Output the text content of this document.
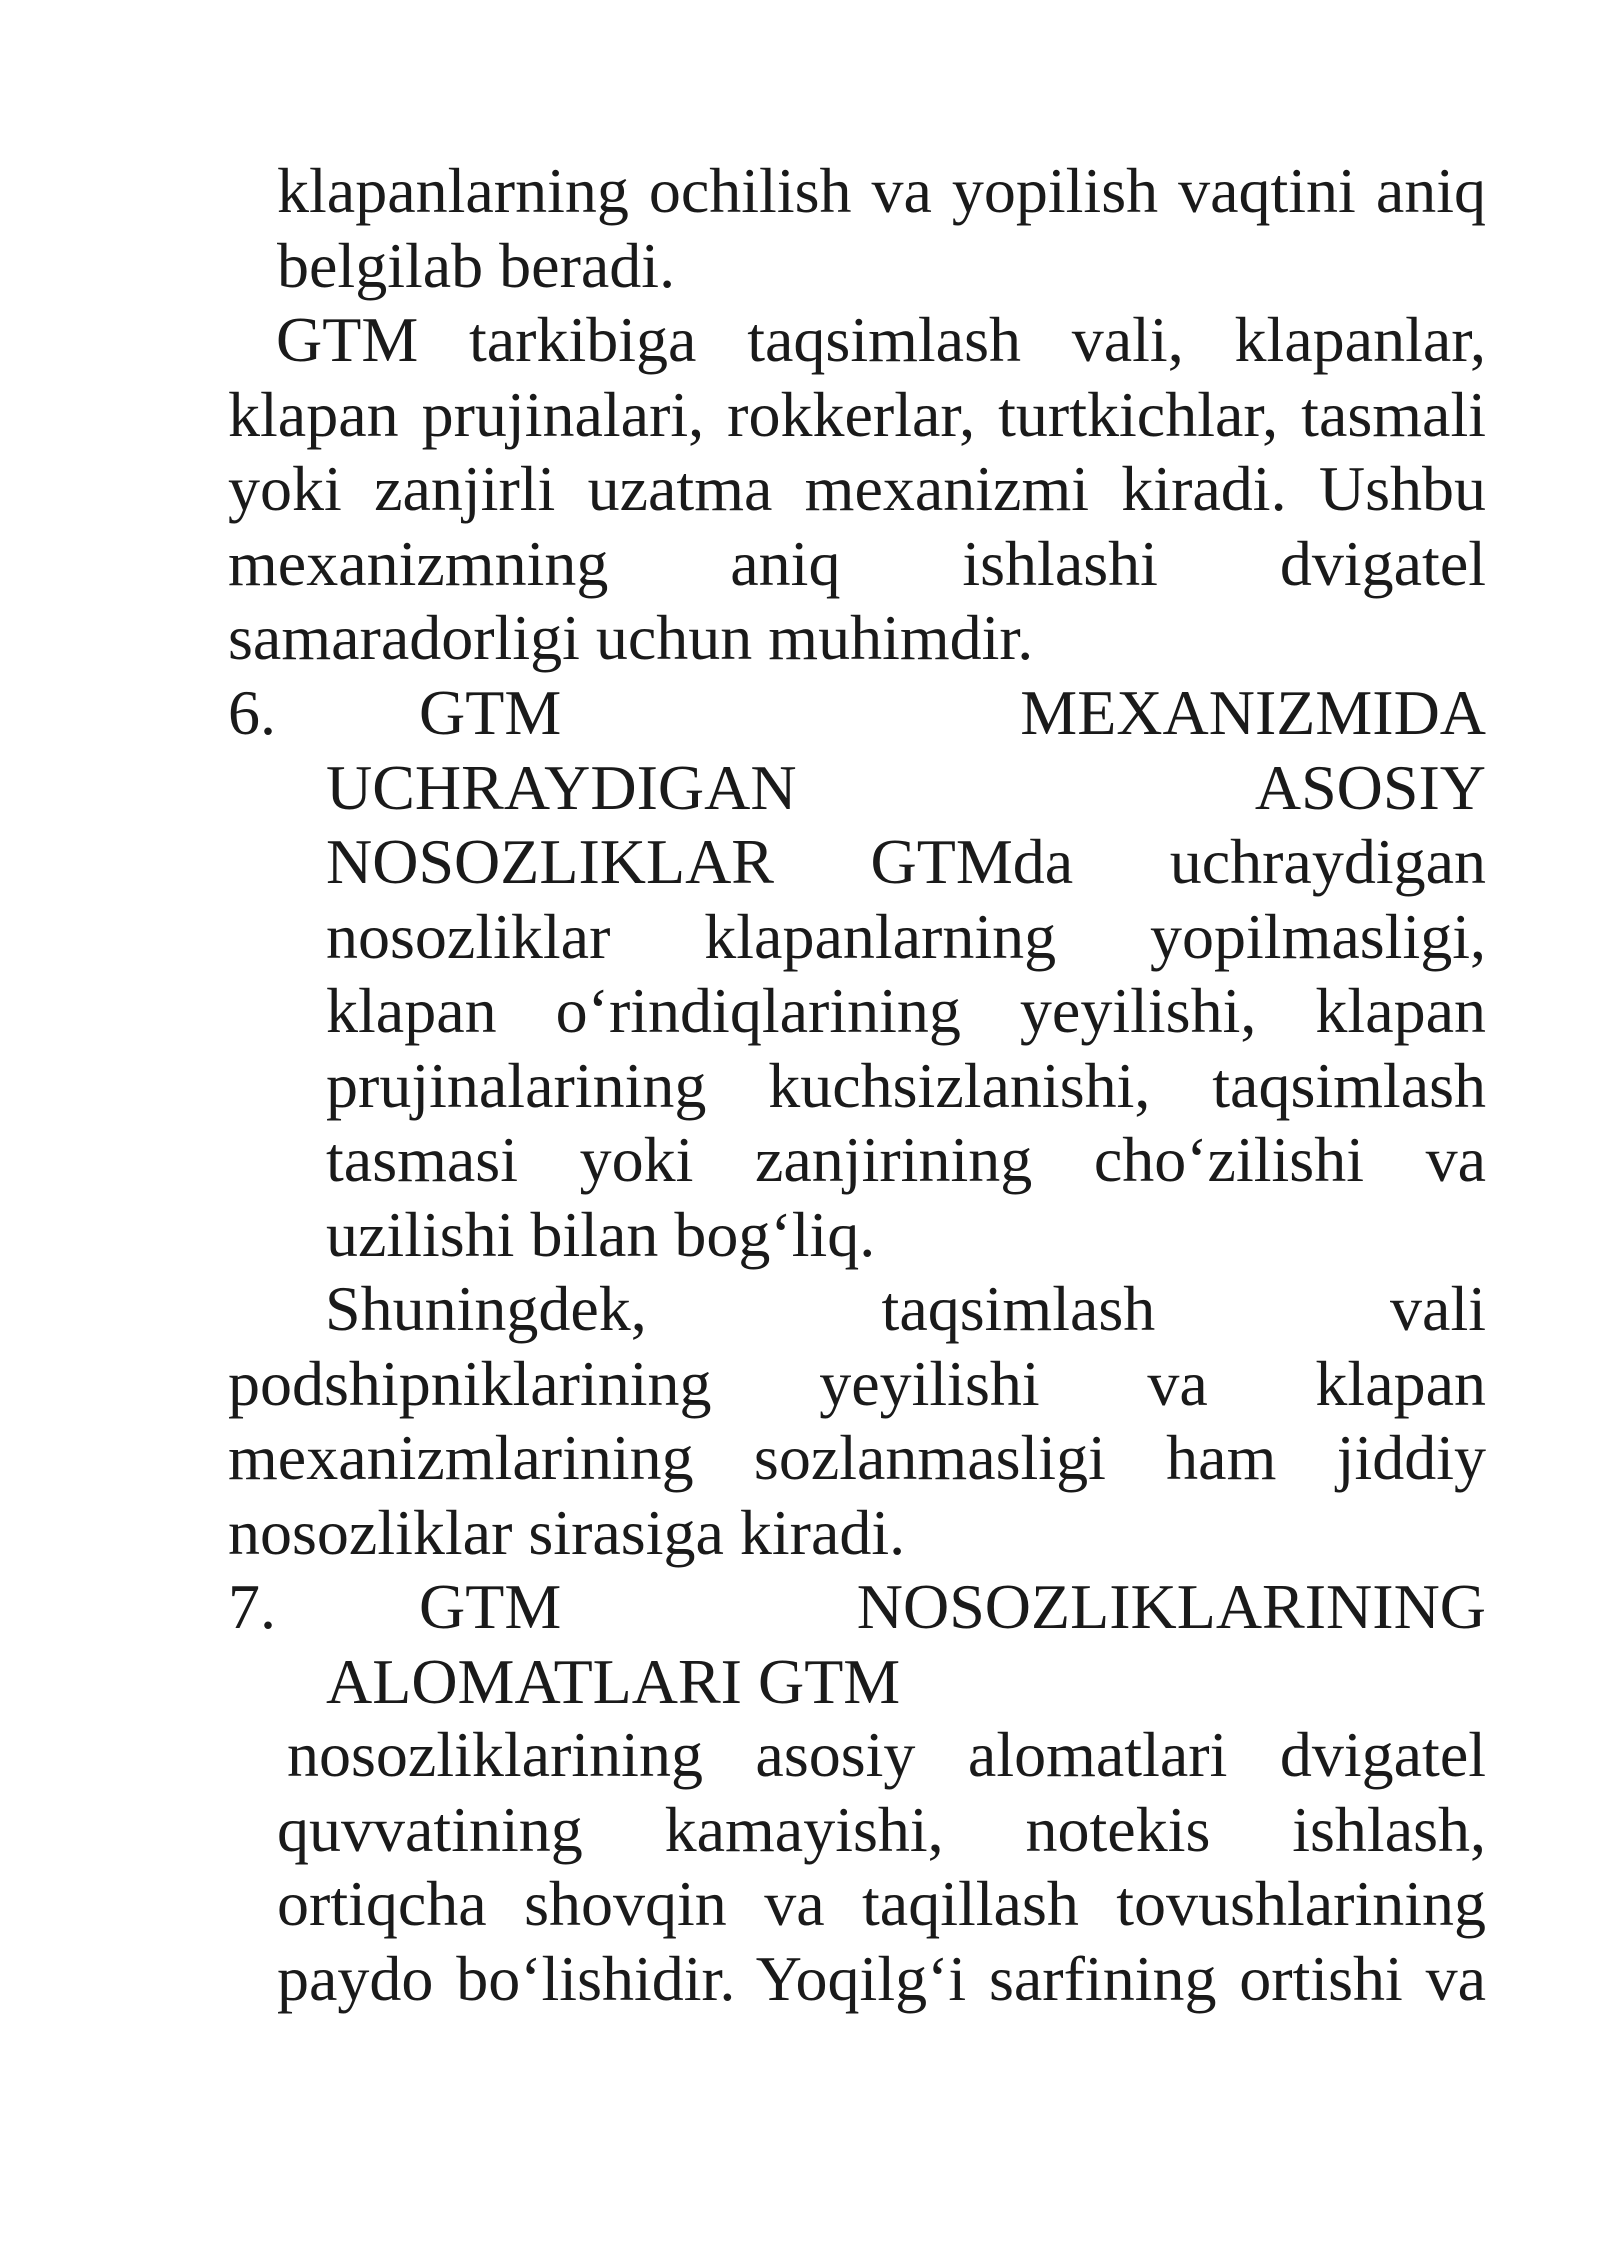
klapanlarning ochilish va yopilish vaqtini aniq belgilab beradi.

GTM tarkibiga taqsimlash vali, klapanlar, klapan prujinalari, rokkerlar, turtkichlar, tasmali yoki zanjirli uzatma mexanizmi kiradi. Ushbu mexanizmning aniq ishlashi dvigatel samaradorligi uchun muhimdir.

6. GTM MEXANIZMIDA UCHRAYDIGAN ASOSIY NOSOZLIKLAR GTMda uchraydigan nosozliklar klapanlarning yopilmasligi, klapan o‘rindiqlarining yeyilishi, klapan prujinalarining kuchsizlanishi, taqsimlash tasmasi yoki zanjirining cho‘zilishi va uzilishi bilan bog‘liq.

Shuningdek, taqsimlash vali podshipniklarining yeyilishi va klapan mexanizmlarining sozlanmasligi ham jiddiy nosozliklar sirasiga kiradi.

7. GTM NOSOZLIKLARINING ALOMATLARI GTM

nosozliklarining asosiy alomatlari dvigatel quvvatining kamayishi, notekis ishlash, ortiqcha shovqin va taqillash tovushlarining paydo bo‘lishidir. Yoqilg‘i sarfining ortishi va
